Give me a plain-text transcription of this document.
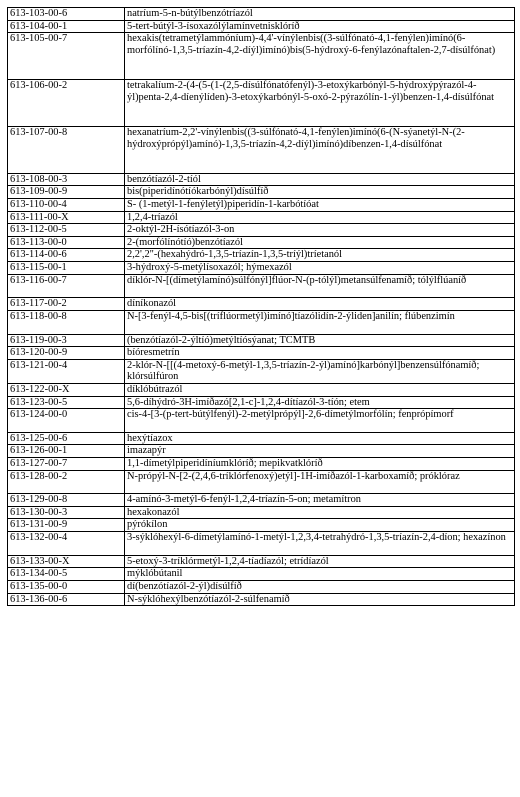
613-103-00-6	natríum-5-n-bútýlbenzótríazól
613-104-00-1	5-tert-bútýl-3-ísoxazólýlamínvetnisklóríð
613-105-00-7	hexakis(tetrametýlammóníum)-4,4'-vínýlenbis((3-súlfónató-4,1-fenýlen)imínó(6-morfólínó-1,3,5-tríazín-4,2-díýl)imínó)bis(5-hýdroxý-6-fenýlazónaftalen-2,7-dísúlfónat)
613-106-00-2	tetrakalíum-2-(4-(5-(1-(2,5-dísúlfónatófenýl)-3-etoxýkarbónýl-5-hýdroxýpýrazól-4-ýl)penta-2,4-díenýlíden)-3-etoxýkarbónýl-5-oxó-2-pýrazólín-1-ýl)benzen-1,4-dísúlfónat
613-107-00-8	hexanatríum-2,2'-vínýlenbis((3-súlfónató-4,1-fenýlen)imínó(6-(N-sýanetýl-N-(2-hýdroxýprópýl)amínó)-1,3,5-tríazín-4,2-díýl)imínó)díbenzen-1,4-dísúlfónat
613-108-00-3	benzótíazól-2-tíól
613-109-00-9	bis(piperidínótíókarbónýl)dísúlfíð
613-110-00-4	S- (1-metýl-1-fenýletýl)piperidín-1-karbótíóat
613-111-00-X	1,2,4-tríazól
613-112-00-5	2-oktýl-2H-ísótíazól-3-on
613-113-00-0	2-(morfólínótíó)benzótíazól
613-114-00-6	2,2',2"-(hexahýdró-1,3,5-tríazín-1,3,5-tríýl)tríetanól
613-115-00-1	3-hýdroxý-5-metýlísoxazól; hýmexazól
613-116-00-7	díklór-N-[(dímetýlamínó)súlfónýl]flúor-N-(p-tólýl)metansúlfenamíð; tólýlflúaníð
613-117-00-2	díníkonazól
613-118-00-8	N-[3-fenýl-4,5-bis[(tríflúormetýl)imínó]tíazólidín-2-ýliden]anilín; flúbenzimín
613-119-00-3	(benzótíazól-2-ýltíó)metýltíósýanat; TCMTB
613-120-00-9	bíóresmetrín
613-121-00-4	2-klór-N-[[(4-metoxý-6-metýl-1,3,5-tríazín-2-ýl)amínó]karbónýl]benzensúlfónamíð; klórsúlfúron
613-122-00-X	díklóbútrazól
613-123-00-5	5,6-díhýdró-3H-imíðazó[2,1-c]-1,2,4-dítíazól-3-tíón; etem
613-124-00-0	cis-4-[3-(p-tert-bútýlfenýl)-2-metýlprópýl]-2,6-dímetýlmorfólín; fenprópímorf
613-125-00-6	hexýtíazox
613-126-00-1	imazapýr
613-127-00-7	1,1-dímetýlpiperidíníumklóríð; mepikvatklóríð
613-128-00-2	N-própýl-N-[2-(2,4,6-tríklórfenoxý)etýl]-1H-imíðazól-1-karboxamíð; próklóraz
613-129-00-8	4-amínó-3-metýl-6-fenýl-1,2,4-tríazín-5-on; metamítron
613-130-00-3	hexakonazól
613-131-00-9	pýrókílon
613-132-00-4	3-sýklóhexýl-6-dímetýlamínó-1-metýl-1,2,3,4-tetrahýdró-1,3,5-tríazín-2,4-díon; hexazínon
613-133-00-X	5-etoxý-3-tríklórmetýl-1,2,4-tíadíazól; etrídíazól
613-134-00-5	mýklóbútanil
613-135-00-0	dí(benzótíazól-2-ýl)dísúlfíð
613-136-00-6	N-sýklóhexýlbenzótíazól-2-súlfenamíð
